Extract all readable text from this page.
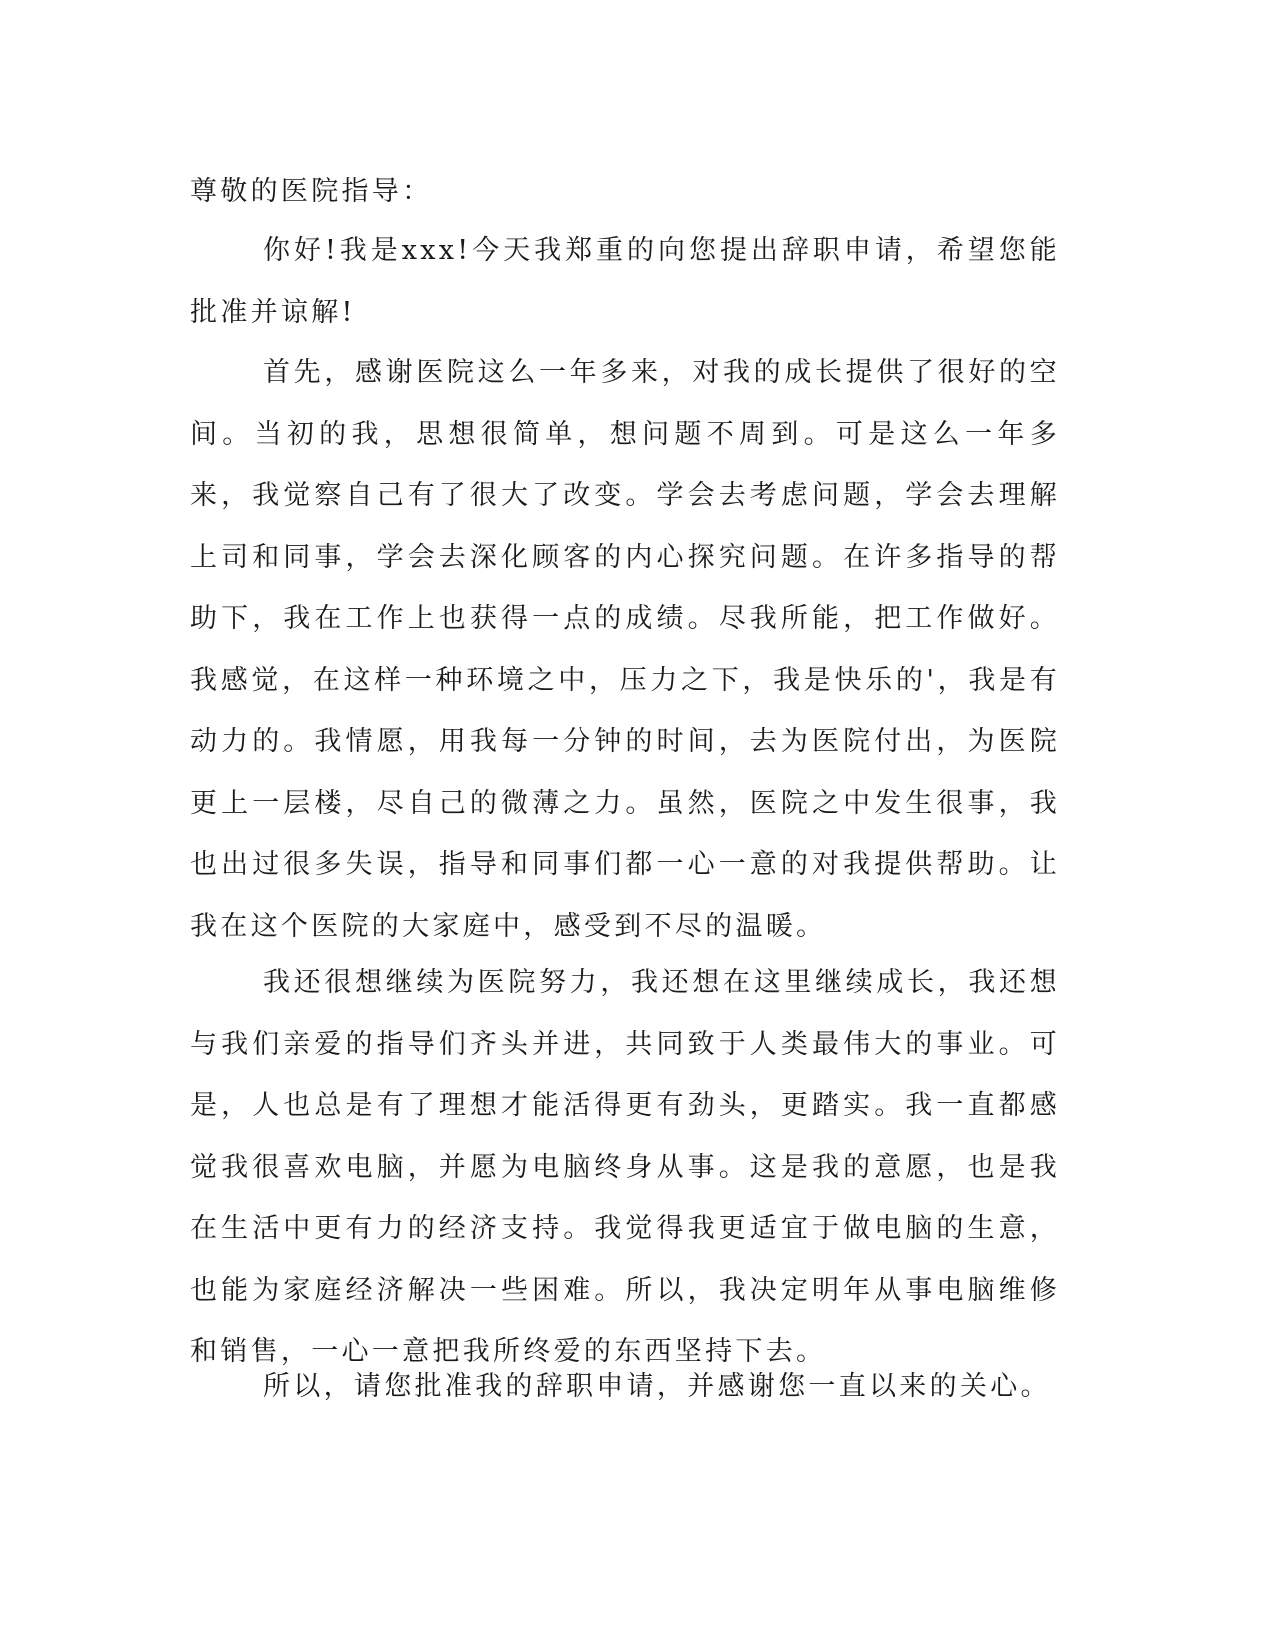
尊敬的医院指导：

你好!我是xxx!今天我郑重的向您提出辞职申请，希望您能批准并谅解!

首先，感谢医院这么一年多来，对我的成长提供了很好的空间。当初的我，思想很简单，想问题不周到。可是这么一年多来，我觉察自己有了很大了改变。学会去考虑问题，学会去理解上司和同事，学会去深化顾客的内心探究问题。在许多指导的帮助下，我在工作上也获得一点的成绩。尽我所能，把工作做好。我感觉，在这样一种环境之中，压力之下，我是快乐的'，我是有动力的。我情愿，用我每一分钟的时间，去为医院付出，为医院更上一层楼，尽自己的微薄之力。虽然，医院之中发生很事，我也出过很多失误，指导和同事们都一心一意的对我提供帮助。让我在这个医院的大家庭中，感受到不尽的温暖。

我还很想继续为医院努力，我还想在这里继续成长，我还想与我们亲爱的指导们齐头并进，共同致于人类最伟大的事业。可是，人也总是有了理想才能活得更有劲头，更踏实。我一直都感觉我很喜欢电脑，并愿为电脑终身从事。这是我的意愿，也是我在生活中更有力的经济支持。我觉得我更适宜于做电脑的生意，也能为家庭经济解决一些困难。所以，我决定明年从事电脑维修和销售，一心一意把我所终爱的东西坚持下去。

所以，请您批准我的辞职申请，并感谢您一直以来的关心。
